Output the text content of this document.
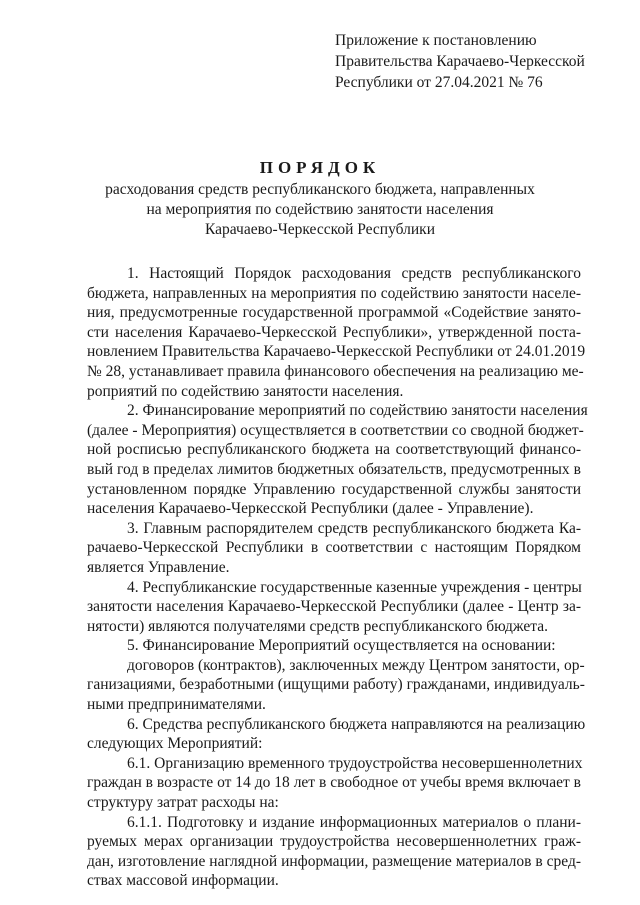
Приложение к постановлению
Правительства Карачаево-Черкесской
Республики от 27.04.2021 № 76
ПОРЯДОК
расходования средств республиканского бюджета, направленных
на мероприятия по содействию занятости населения
Карачаево-Черкесской Республики
1. Настоящий Порядок расходования средств республиканского
бюджета, направленных на мероприятия по содействию занятости населе-
ния, предусмотренные государственной программой «Содействие занято-
сти населения Карачаево-Черкесской Республики», утвержденной поста-
новлением Правительства Карачаево-Черкесской Республики от 24.01.2019
№ 28, устанавливает правила финансового обеспечения на реализацию ме-
роприятий по содействию занятости населения.
2. Финансирование мероприятий по содействию занятости населения
(далее - Мероприятия) осуществляется в соответствии со сводной бюджет-
ной росписью республиканского бюджета на соответствующий финансо-
вый год в пределах лимитов бюджетных обязательств, предусмотренных в
установленном порядке Управлению государственной службы занятости
населения Карачаево-Черкесской Республики (далее - Управление).
3. Главным распорядителем средств республиканского бюджета Ка-
рачаево-Черкесской Республики в соответствии с настоящим Порядком
является Управление.
4. Республиканские государственные казенные учреждения - центры
занятости населения Карачаево-Черкесской Республики (далее - Центр за-
нятости) являются получателями средств республиканского бюджета.
5. Финансирование Мероприятий осуществляется на основании:
договоров (контрактов), заключенных между Центром занятости, ор-
ганизациями, безработными (ищущими работу) гражданами, индивидуаль-
ными предпринимателями.
6. Средства республиканского бюджета направляются на реализацию
следующих Мероприятий:
6.1. Организацию временного трудоустройства несовершеннолетних
граждан в возрасте от 14 до 18 лет в свободное от учебы время включает в
структуру затрат расходы на:
6.1.1. Подготовку и издание информационных материалов о плани-
руемых мерах организации трудоустройства несовершеннолетних граж-
дан, изготовление наглядной информации, размещение материалов в сред-
ствах массовой информации.
